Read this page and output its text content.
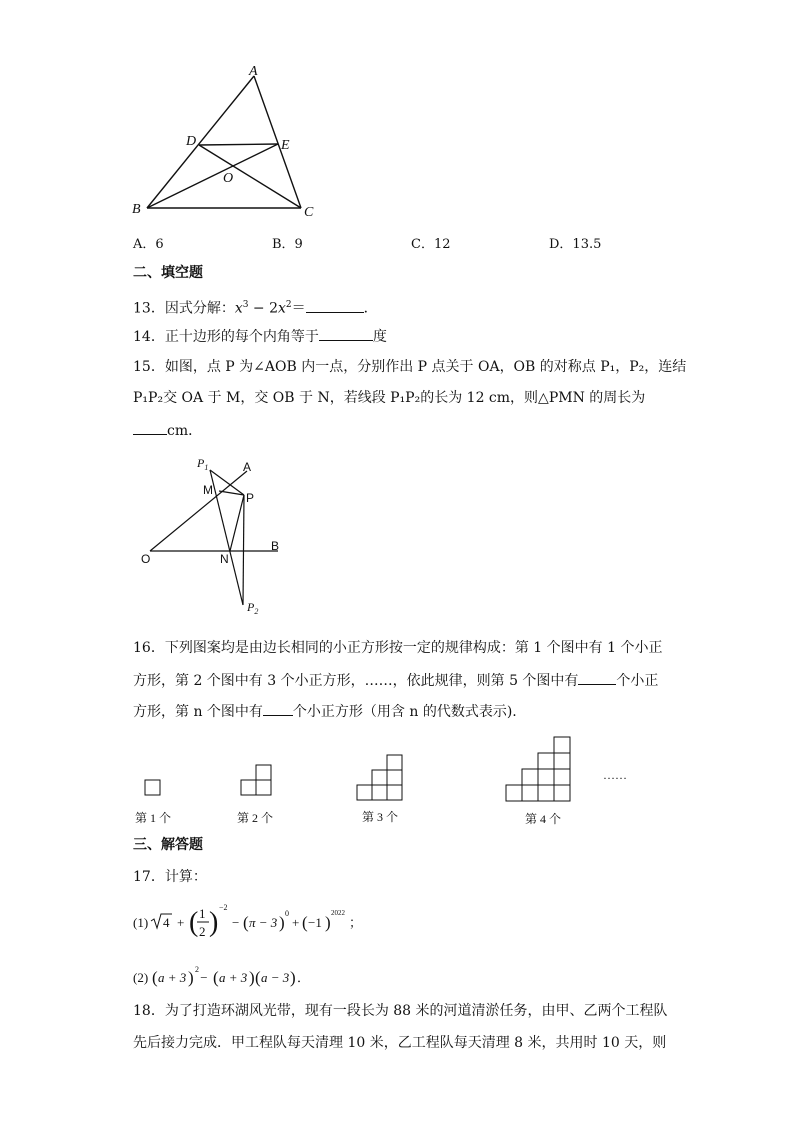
A
D	E
O
B	C
A．6	B．9	C．12	D．13.5
二、填空题
13．因式分解：$x^3 - 2x^2=$	．
14．正十边形的每个内角等于	度
15．如图，点 P 为∠AOB 内一点，分别作出 P 点关于 OA，OB 的对称点 P₁，P₂，连结
P₁P₂交 OA 于 M，交 OB 于 N，若线段 P₁P₂的长为 12 cm，则△PMN 的周长为
cm．
$P_1$	A
M
P
O	N
B
$P_2$
16．下列图案均是由边长相同的小正方形按一定的规律构成：第 1 个图中有 1 个小正
方形，第 2 个图中有 3 个小正方形，……，依此规律，则第 5 个图中有	个小正
方形，第 n 个图中有 个小正方形（用含 n 的代数式表示).
第 1 个	第 2 个	第 3 个	第 4 个
……
三、解答题
17．计算：
(1) 4 + ( 1
2 ) −2
− ( π − 3 ) 0
+ ( −1 ) 2022
；
(2) ( a + 3 ) 2
− ( a + 3 ) ( a − 3 ) ．
18．为了打造环湖风光带，现有一段长为 88 米的河道清淤任务，由甲、乙两个工程队
先后接力完成．甲工程队每天清理 10 米，乙工程队每天清理 8 米，共用时 10 天，则
